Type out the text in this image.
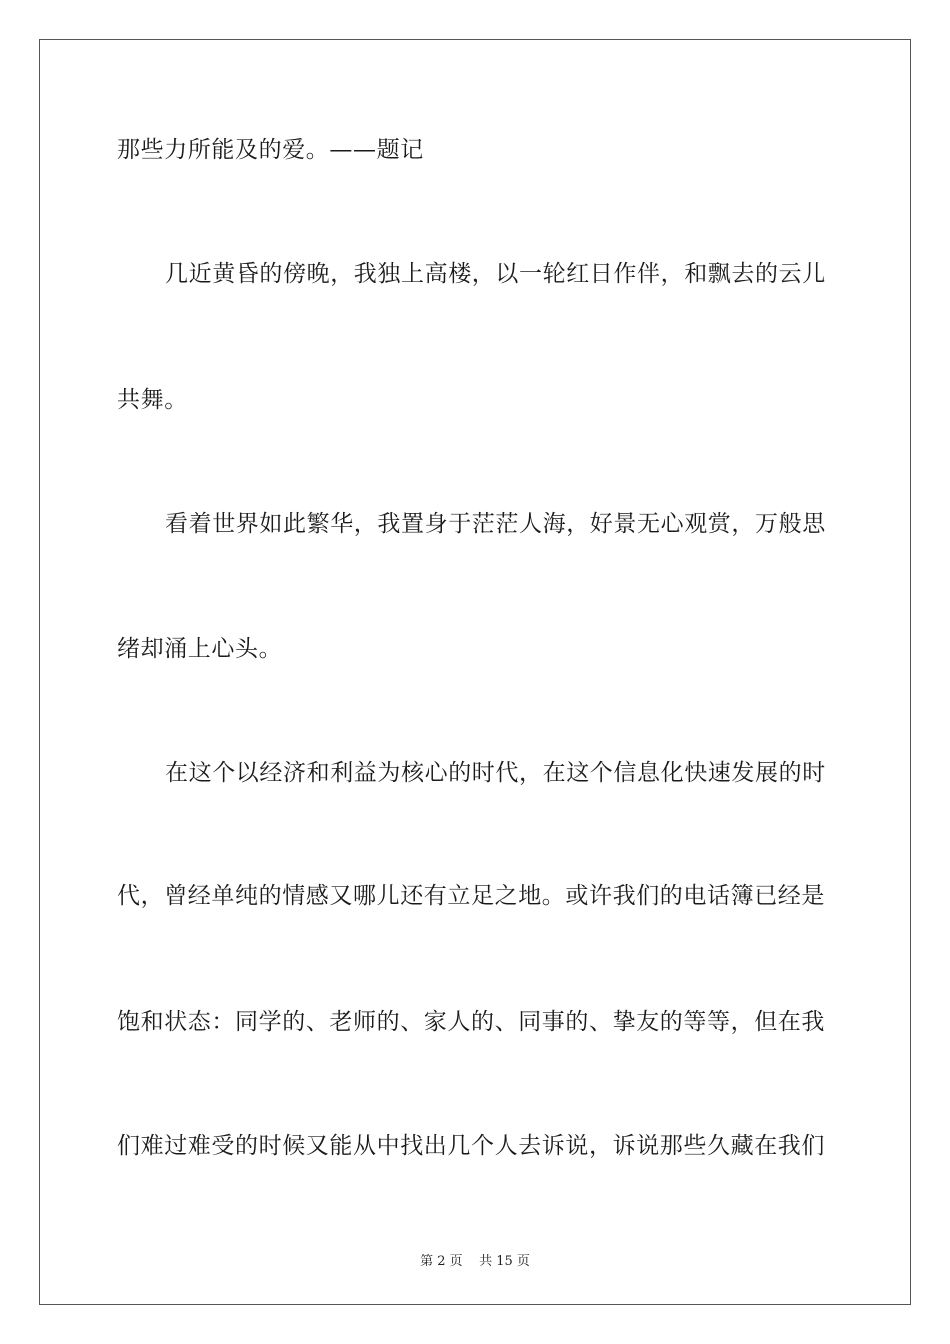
那些力所能及的爱。——题记

几近黄昏的傍晚，我独上高楼，以一轮红日作伴，和飘去的云儿

共舞。

看着世界如此繁华，我置身于茫茫人海，好景无心观赏，万般思

绪却涌上心头。

在这个以经济和利益为核心的时代，在这个信息化快速发展的时

代，曾经单纯的情感又哪儿还有立足之地。或许我们的电话簿已经是

饱和状态：同学的、老师的、家人的、同事的、挚友的等等，但在我

们难过难受的时候又能从中找出几个人去诉说，诉说那些久藏在我们

第 2 页    共 15 页
